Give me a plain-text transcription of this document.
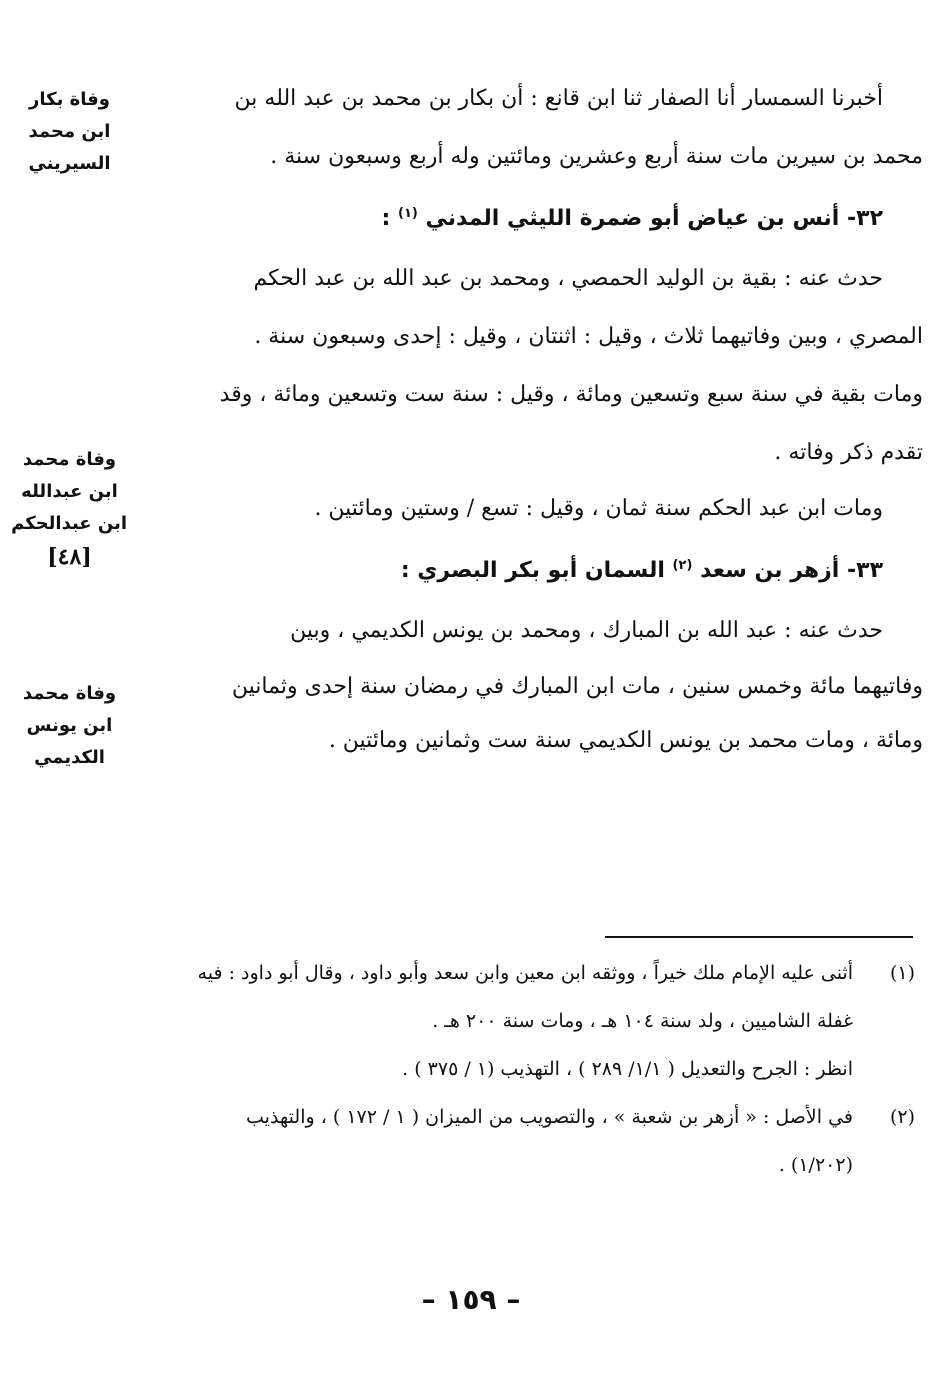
وفاة بكار
ابن محمد
السيريني
وفاة محمد
ابن عبدالله
ابن عبدالحكم
[٤٨]
وفاة محمد
ابن يونس
الكديمي
أخبرنا السمسار أنا الصفار ثنا ابن قانع : أن بكار بن محمد بن عبد الله بن
محمد بن سيرين مات سنة أربع وعشرين ومائتين وله أربع وسبعون سنة .
٣٢- أنس بن عياض أبو ضمرة الليثي المدني $^{(١)}$ :
حدث عنه : بقية بن الوليد الحمصي ، ومحمد بن عبد الله بن عبد الحكم
المصري ، وبين وفاتيهما ثلاث ، وقيل : اثنتان ، وقيل : إحدى وسبعون سنة .
ومات بقية في سنة سبع وتسعين ومائة ، وقيل : سنة ست وتسعين ومائة ، وقد
تقدم ذكر وفاته .
ومات ابن عبد الحكم سنة ثمان ، وقيل : تسع / وستين ومائتين .
٣٣- أزهر بن سعد $^{(٢)}$ السمان أبو بكر البصري :
حدث عنه : عبد الله بن المبارك ، ومحمد بن يونس الكديمي ، وبين
وفاتيهما مائة وخمس سنين ، مات ابن المبارك في رمضان سنة إحدى وثمانين
ومائة ، ومات محمد بن يونس الكديمي سنة ست وثمانين ومائتين .
(١)
أثنى عليه الإمام ملك خيراً ، ووثقه ابن معين وابن سعد وأبو داود ، وقال أبو داود : فيه
غفلة الشاميين ، ولد سنة ١٠٤ هـ ، ومات سنة ٢٠٠ هـ .
انظر : الجرح والتعديل ( ١/١/ ٢٨٩ ) ، التهذيب (١ / ٣٧٥ ) .
(٢)
في الأصل : « أزهر بن شعبة » ، والتصويب من الميزان ( ١ / ١٧٢ ) ، والتهذيب
(١/٢٠٢) .
– ١٥٩ –
